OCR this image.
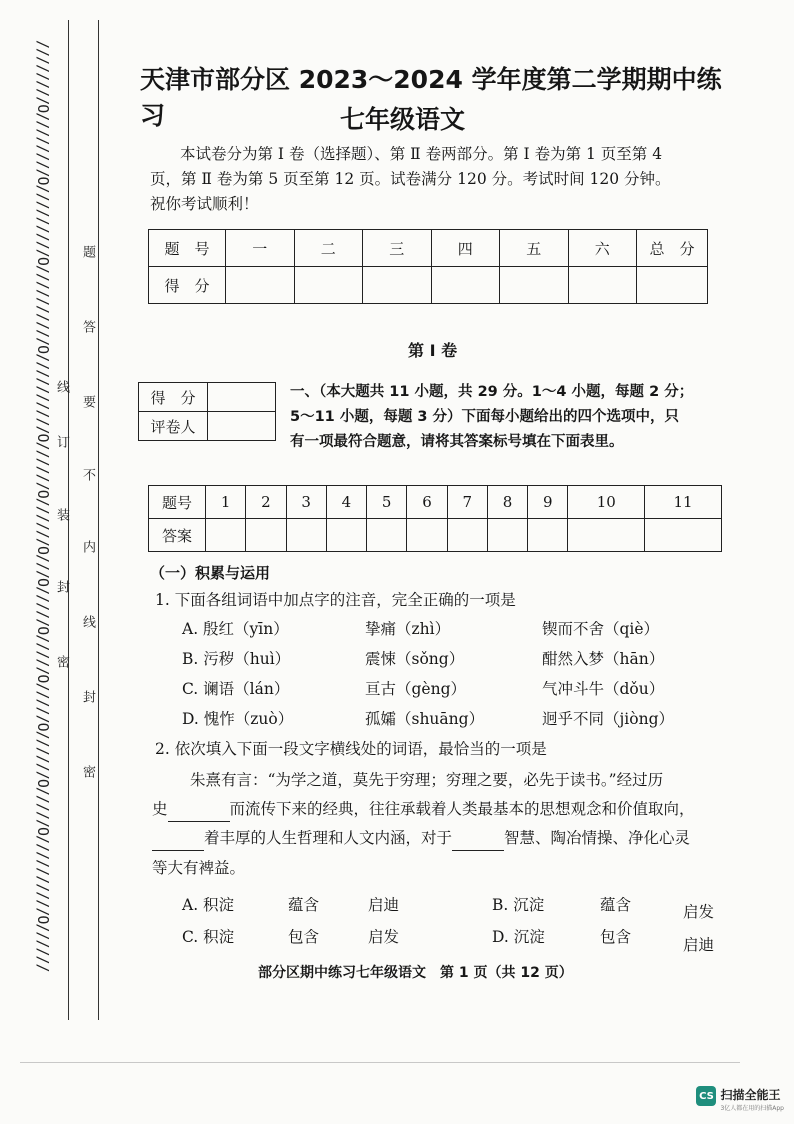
////////O////////O/////////O//////////O//////////O//////O//////O///O/////O/////O/////O//////O/////O//////////O////// 线
订
装
封
密
题
答
要
不
内
线
封
密
天津市部分区 2023～2024 学年度第二学期期中练习	七年级语文
本试卷分为第 Ⅰ 卷（选择题）、第 Ⅱ 卷两部分。第 Ⅰ 卷为第 1 页至第 4
页，第 Ⅱ 卷为第 5 页至第 12 页。试卷满分 120 分。考试时间 120 分钟。
祝你考试顺利！
题　号	一	二	三	四	五	六	总　分
得　分							
第 Ⅰ 卷
得　分	
评卷人	
一、（本大题共 11 小题，共 29 分。1～4 小题，每题 2 分；
5～11 小题，每题 3 分）下面每小题给出的四个选项中，只
有一项最符合题意，请将其答案标号填在下面表里。
题号	1	2	3	4	5	6	7	8	9	10	11
答案											
（一）积累与运用
1. 下面各组词语中加点字的注音，完全正确的一项是
A. 殷红（yīn）	挚痛（zhì）	锲而不舍（qiè）
B. 污秽（huì）	震悚（sǒng）	酣然入梦（hān）
C. 谰语（lán）	亘古（gèng）	气冲斗牛（dǒu）
D. 愧怍（zuò）	孤孀（shuāng）	迥乎不同（jiòng）
2. 依次填入下面一段文字横线处的词语，最恰当的一项是
朱熹有言：“为学之道，莫先于穷理；穷理之要，必先于读书。”经过历
史	而流传下来的经典，往往承载着人类最基本的思想观念和价值取向，
着丰厚的人生哲理和人文内涵，对于	智慧、陶冶情操、净化心灵
等大有裨益。
A. 积淀	蕴含	启迪	B. 沉淀	蕴含	启发
C. 积淀	包含	启发	D. 沉淀	包含	启迪
部分区期中练习七年级语文　第 1 页（共 12 页）
CS 扫描全能王
3亿人都在用的扫描App
